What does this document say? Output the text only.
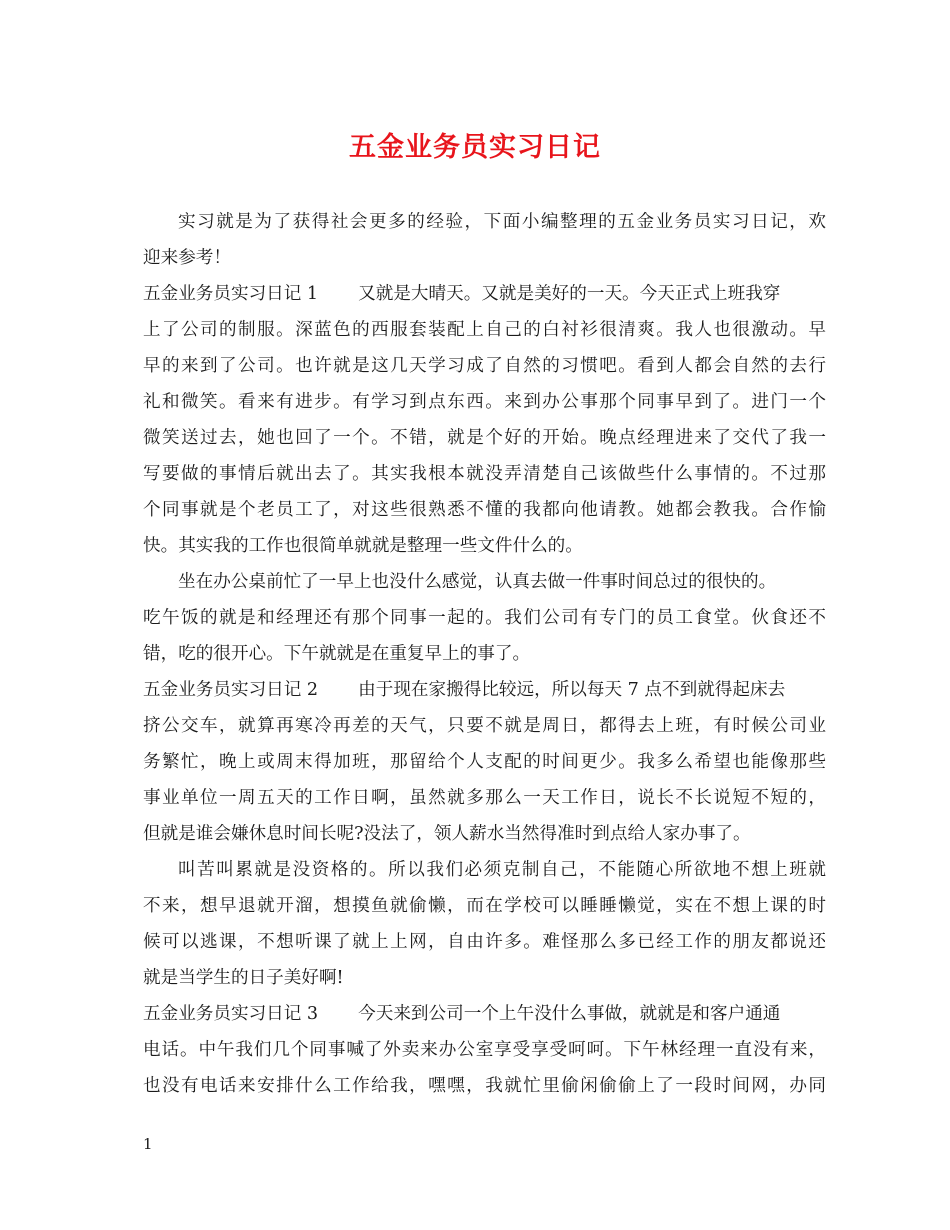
五金业务员实习日记
实习就是为了获得社会更多的经验，下面小编整理的五金业务员实习日记，欢
迎来参考！
五金业务员实习日记 1 又就是大晴天。又就是美好的一天。今天正式上班我穿
上了公司的制服。深蓝色的西服套装配上自己的白衬衫很清爽。我人也很激动。早
早的来到了公司。也许就是这几天学习成了自然的习惯吧。看到人都会自然的去行
礼和微笑。看来有进步。有学习到点东西。来到办公事那个同事早到了。进门一个
微笑送过去，她也回了一个。不错，就是个好的开始。晚点经理进来了交代了我一
写要做的事情后就出去了。其实我根本就没弄清楚自己该做些什么事情的。不过那
个同事就是个老员工了，对这些很熟悉不懂的我都向他请教。她都会教我。合作愉
快。其实我的工作也很简单就就是整理一些文件什么的。
坐在办公桌前忙了一早上也没什么感觉，认真去做一件事时间总过的很快的。
吃午饭的就是和经理还有那个同事一起的。我们公司有专门的员工食堂。伙食还不
错，吃的很开心。下午就就是在重复早上的事了。
五金业务员实习日记 2 由于现在家搬得比较远，所以每天 7 点不到就得起床去
挤公交车，就算再寒冷再差的天气，只要不就是周日，都得去上班，有时候公司业
务繁忙，晚上或周末得加班，那留给个人支配的时间更少。我多么希望也能像那些
事业单位一周五天的工作日啊，虽然就多那么一天工作日，说长不长说短不短的，
但就是谁会嫌休息时间长呢?没法了，领人薪水当然得准时到点给人家办事了。
叫苦叫累就是没资格的。所以我们必须克制自己，不能随心所欲地不想上班就
不来，想早退就开溜，想摸鱼就偷懒，而在学校可以睡睡懒觉，实在不想上课的时
候可以逃课，不想听课了就上上网，自由许多。难怪那么多已经工作的朋友都说还
就是当学生的日子美好啊!
五金业务员实习日记 3 今天来到公司一个上午没什么事做，就就是和客户通通
电话。中午我们几个同事喊了外卖来办公室享受享受呵呵。下午林经理一直没有来，
也没有电话来安排什么工作给我，嘿嘿，我就忙里偷闲偷偷上了一段时间网，办同
1
